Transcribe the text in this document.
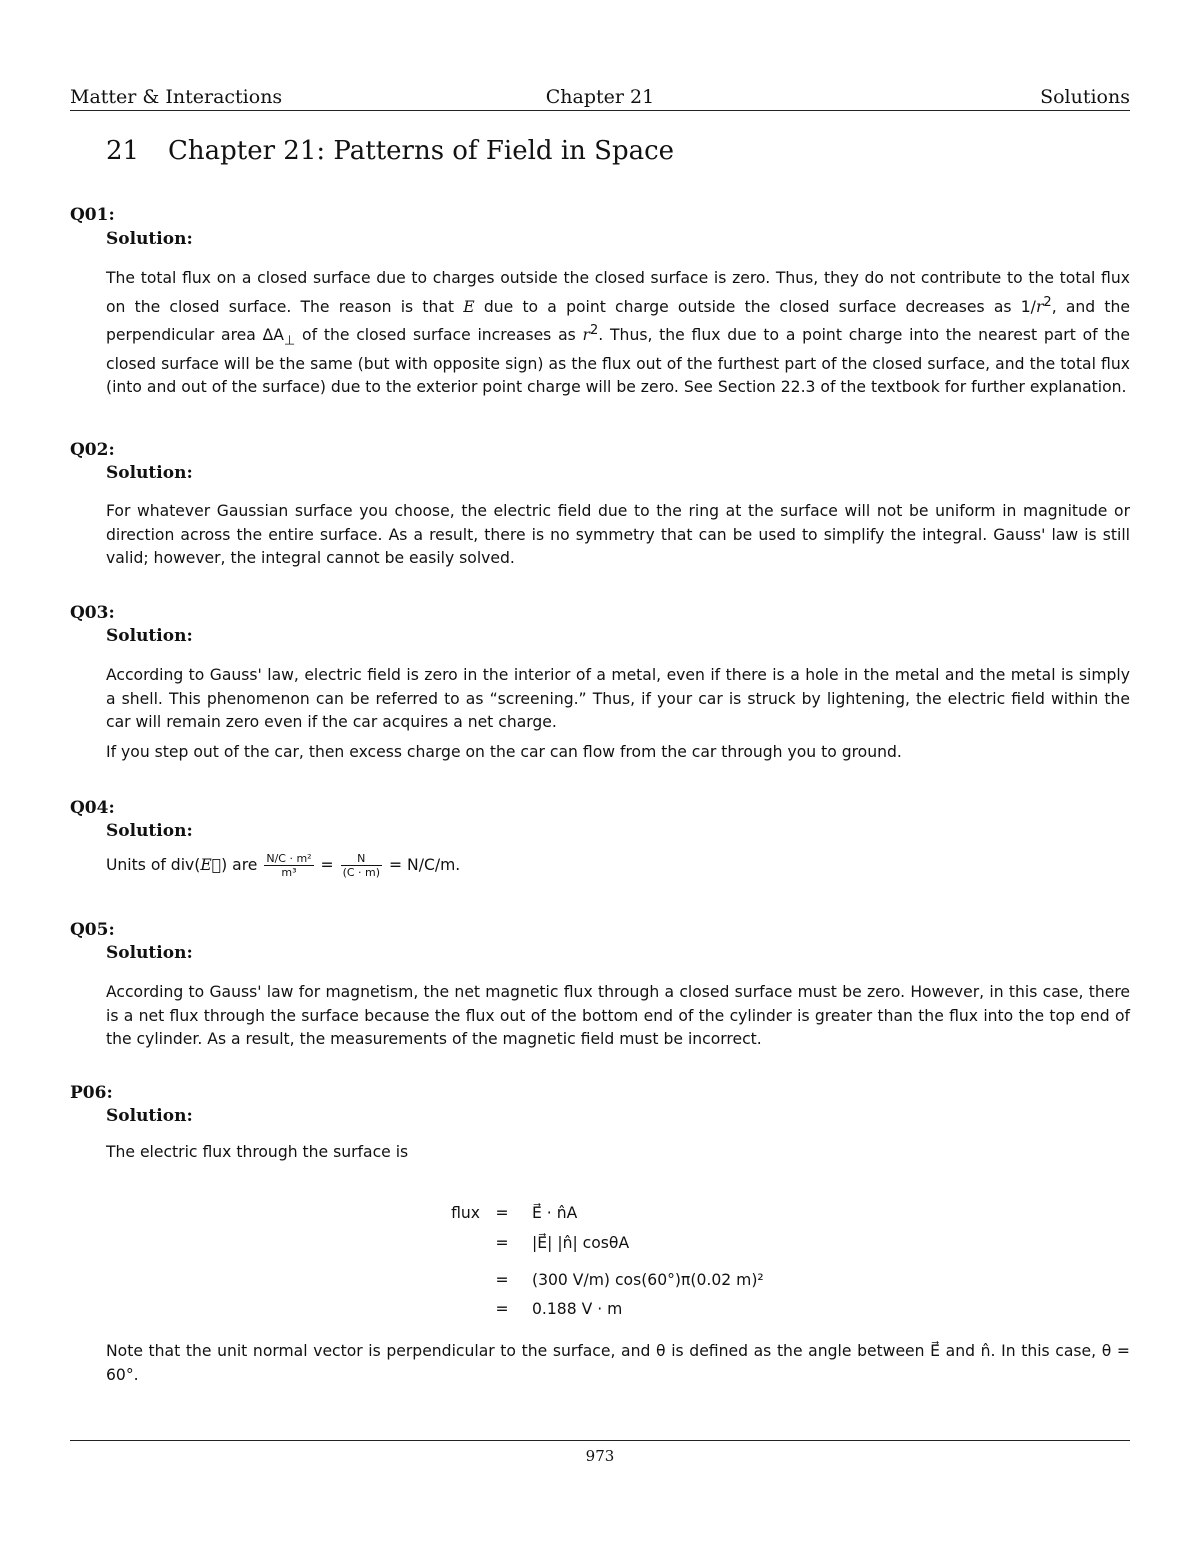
Matter & Interactions	Chapter 21	Solutions
21 Chapter 21: Patterns of Field in Space
Q01:
Solution:

The total flux on a closed surface due to charges outside the closed surface is zero. Thus, they do not contribute to the total flux on the closed surface. The reason is that E due to a point charge outside the closed surface decreases as $1/r^2$, and the perpendicular area $\Delta A_\perp$ of the closed surface increases as $r^2$. Thus, the flux due to a point charge into the nearest part of the closed surface will be the same (but with opposite sign) as the flux out of the furthest part of the closed surface, and the total flux (into and out of the surface) due to the exterior point charge will be zero. See Section 22.3 of the textbook for further explanation.

Q02:
Solution:

For whatever Gaussian surface you choose, the electric field due to the ring at the surface will not be uniform in magnitude or direction across the entire surface. As a result, there is no symmetry that can be used to simplify the integral. Gauss' law is still valid; however, the integral cannot be easily solved.

Q03:
Solution:

According to Gauss' law, electric field is zero in the interior of a metal, even if there is a hole in the metal and the metal is simply a shell. This phenomenon can be referred to as “screening.” Thus, if your car is struck by lightening, the electric field within the car will remain zero even if the car acquires a net charge.

If you step out of the car, then excess charge on the car can flow from the car through you to ground.

Q04:
Solution:

Units of div(E⃗) are $\frac{\text{N/C · m²}}{\text{m³}} = \frac{N}{(C \cdot m)} = N/C/m$.

Q05:
Solution:

According to Gauss' law for magnetism, the net magnetic flux through a closed surface must be zero. However, in this case, there is a net flux through the surface because the flux out of the bottom end of the cylinder is greater than the flux into the top end of the cylinder. As a result, the measurements of the magnetic field must be incorrect.

P06:
Solution:

The electric flux through the surface is

flux = E⃗ · n̂A
= |E⃗| |n̂| cosθA
= (300 V/m) cos(60°)π(0.02 m)²
= 0.188 V · m

Note that the unit normal vector is perpendicular to the surface, and θ is defined as the angle between E⃗ and n̂. In this case, θ = 60°.

973
